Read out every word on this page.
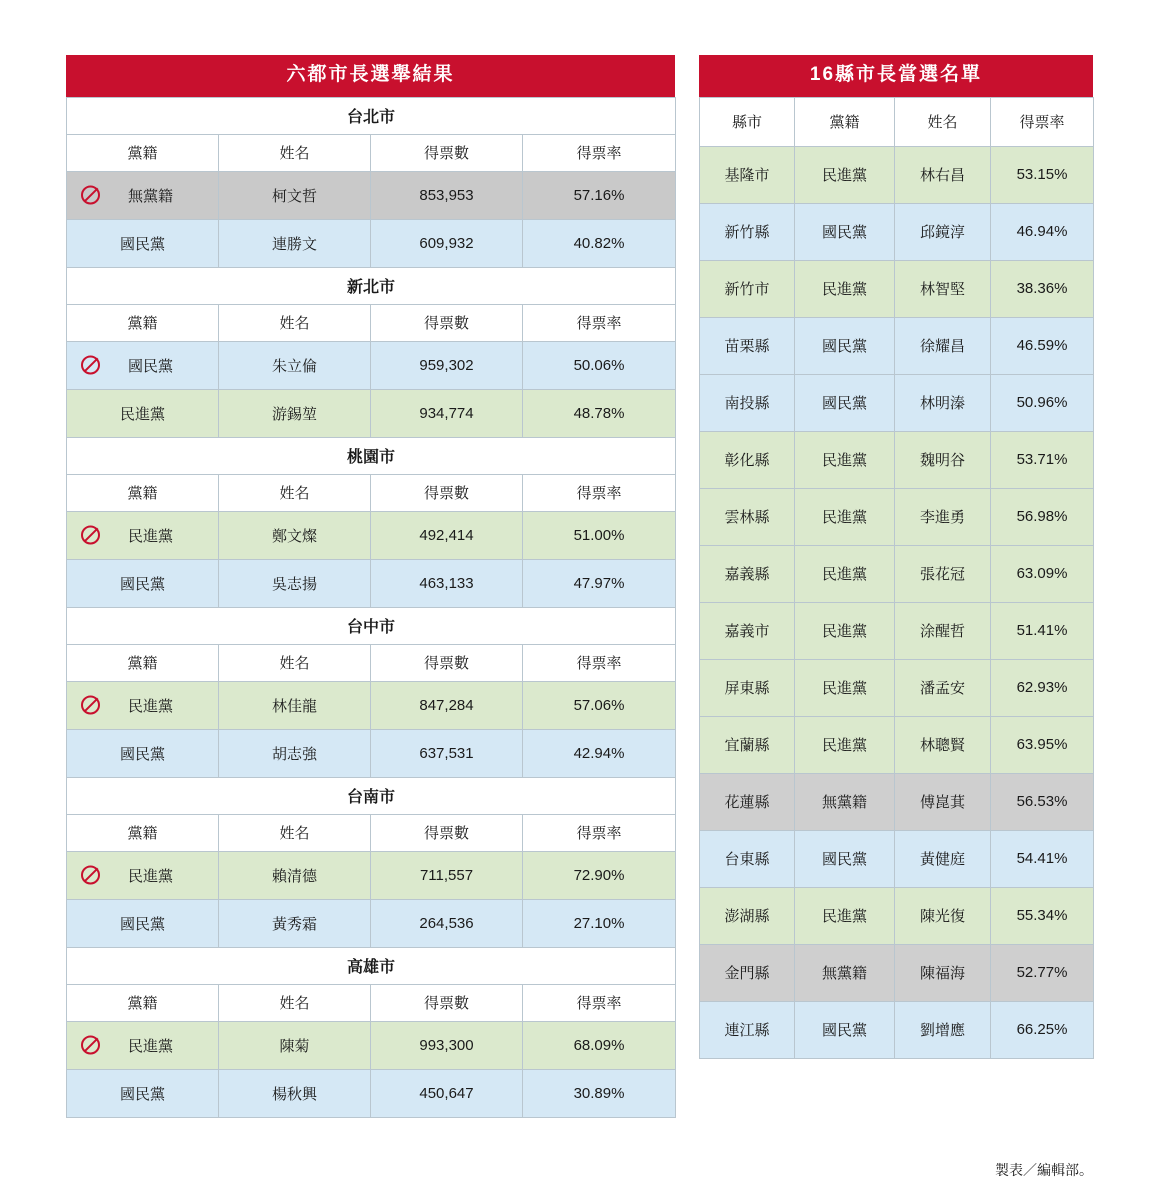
六都市長選舉結果
台北市			
黨籍	姓名	得票數	得票率

無黨籍	柯文哲	853,953	57.16%
國民黨	連勝文	609,932	40.82%
新北市			
黨籍	姓名	得票數	得票率

國民黨	朱立倫	959,302	50.06%
民進黨	游錫堃	934,774	48.78%
桃園市			
黨籍	姓名	得票數	得票率

民進黨	鄭文燦	492,414	51.00%
國民黨	吳志揚	463,133	47.97%
台中市			
黨籍	姓名	得票數	得票率

民進黨	林佳龍	847,284	57.06%
國民黨	胡志強	637,531	42.94%
台南市			
黨籍	姓名	得票數	得票率

民進黨	賴清德	711,557	72.90%
國民黨	黃秀霜	264,536	27.10%
高雄市			
黨籍	姓名	得票數	得票率

民進黨	陳菊	993,300	68.09%
國民黨	楊秋興	450,647	30.89%
16縣市長當選名單
縣市	黨籍	姓名	得票率
基隆市	民進黨	林右昌	53.15%
新竹縣	國民黨	邱鏡淳	46.94%
新竹市	民進黨	林智堅	38.36%
苗栗縣	國民黨	徐耀昌	46.59%
南投縣	國民黨	林明溱	50.96%
彰化縣	民進黨	魏明谷	53.71%
雲林縣	民進黨	李進勇	56.98%
嘉義縣	民進黨	張花冠	63.09%
嘉義市	民進黨	涂醒哲	51.41%
屏東縣	民進黨	潘孟安	62.93%
宜蘭縣	民進黨	林聰賢	63.95%
花蓮縣	無黨籍	傅崑萁	56.53%
台東縣	國民黨	黃健庭	54.41%
澎湖縣	民進黨	陳光復	55.34%
金門縣	無黨籍	陳福海	52.77%
連江縣	國民黨	劉增應	66.25%
製表／編輯部。
